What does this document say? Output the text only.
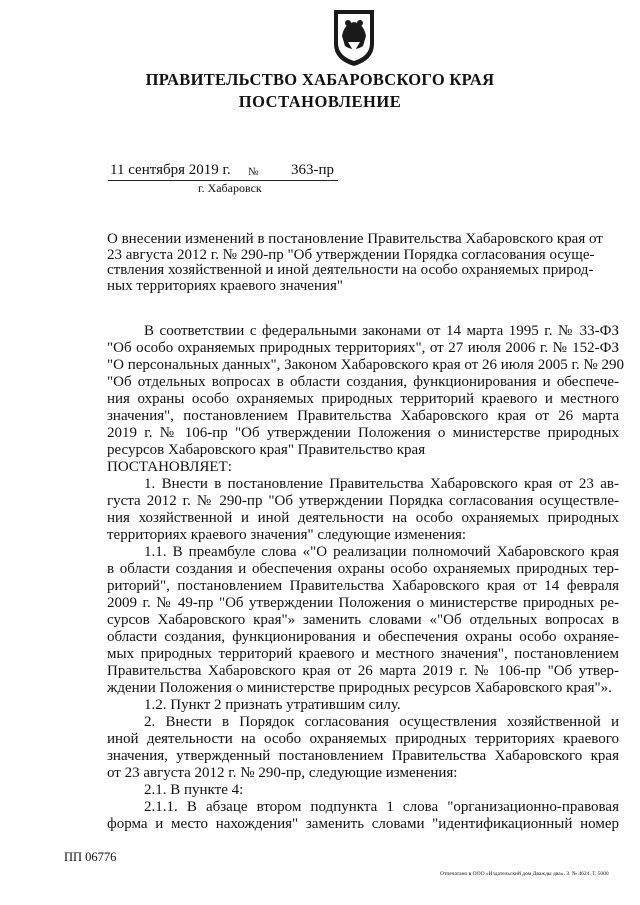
ПРАВИТЕЛЬСТВО ХАБАРОВСКОГО КРАЯ
ПОСТАНОВЛЕНИЕ
11 сентября 2019 г. № 363-пр
г. Хабаровск
О внесении изменений в постановление Правительства Хабаровского края от
23 августа 2012 г. № 290-пр "Об утверждении Порядка согласования осуще-
ствления хозяйственной и иной деятельности на особо охраняемых природ-
ных территориях краевого значения"
В соответствии с федеральными законами от 14 марта 1995 г. № 33-ФЗ
"Об особо охраняемых природных территориях", от 27 июля 2006 г. № 152-ФЗ
"О персональных данных", Законом Хабаровского края от 26 июля 2005 г. № 290
"Об отдельных вопросах в области создания, функционирования и обеспече-
ния охраны особо охраняемых природных территорий краевого и местного
значения", постановлением Правительства Хабаровского края от 26 марта
2019 г. № 106-пр "Об утверждении Положения о министерстве природных
ресурсов Хабаровского края" Правительство края
ПОСТАНОВЛЯЕТ:
1. Внести в постановление Правительства Хабаровского края от 23 ав-
густа 2012 г. № 290-пр "Об утверждении Порядка согласования осуществле-
ния хозяйственной и иной деятельности на особо охраняемых природных
территориях краевого значения" следующие изменения:
1.1. В преамбуле слова «"О реализации полномочий Хабаровского края
в области создания и обеспечения охраны особо охраняемых природных тер-
риторий", постановлением Правительства Хабаровского края от 14 февраля
2009 г. № 49-пр "Об утверждении Положения о министерстве природных ре-
сурсов Хабаровского края"» заменить словами «"Об отдельных вопросах в
области создания, функционирования и обеспечения охраны особо охраняе-
мых природных территорий краевого и местного значения", постановлением
Правительства Хабаровского края от 26 марта 2019 г. № 106-пр "Об утвер-
ждении Положения о министерстве природных ресурсов Хабаровского края"».
1.2. Пункт 2 признать утратившим силу.
2. Внести в Порядок согласования осуществления хозяйственной и
иной деятельности на особо охраняемых природных территориях краевого
значения, утвержденный постановлением Правительства Хабаровского края
от 23 августа 2012 г. № 290-пр, следующие изменения:
2.1. В пункте 4:
2.1.1. В абзаце втором подпункта 1 слова "организационно-правовая
форма и место нахождения" заменить словами "идентификационный номер
ПП 06776
Отпечатано в ООО «Издательский дом Дважды два». З. № 4624. Т. 5000
